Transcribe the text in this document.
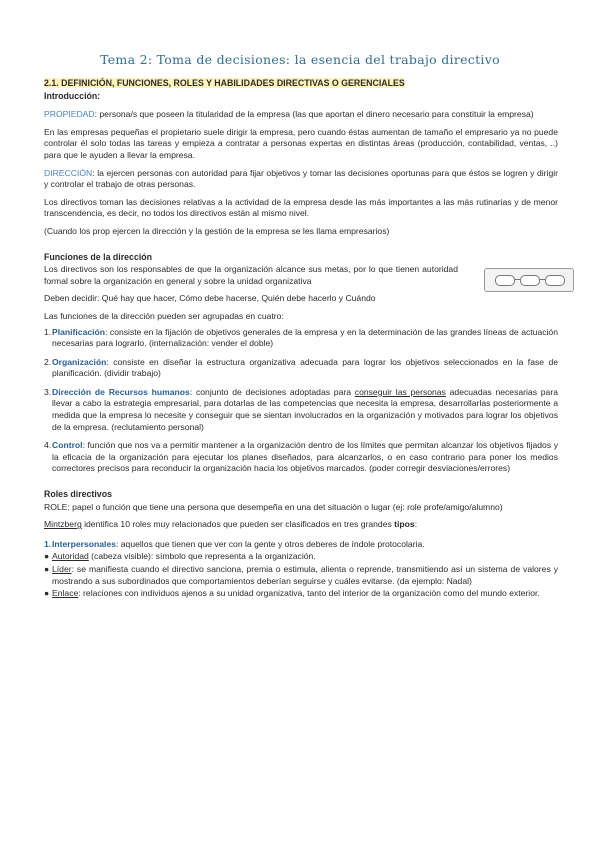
Tema 2: Toma de decisiones: la esencia del trabajo directivo
2.1. DEFINICIÓN, FUNCIONES, ROLES Y HABILIDADES DIRECTIVAS O GERENCIALES
Introducción:

PROPIEDAD: persona/s que poseen la titularidad de la empresa (las que aportan el dinero necesario para constituir la empresa)

En las empresas pequeñas el propietario suele dirigir la empresa, pero cuando éstas aumentan de tamaño el empresario ya no puede controlar él solo todas las tareas y empieza a contratar a personas expertas en distintas áreas (producción, contabilidad, ventas, ..) para que le ayuden a llevar la empresa.

DIRECCIÓN: la ejercen personas con autoridad para fijar objetivos y tomar las decisiones oportunas para que éstos se logren y dirigir y controlar el trabajo de otras personas.

Los directivos toman las decisiones relativas a la actividad de la empresa desde las más importantes a las más rutinarias y de menor transcendencia, es decir, no todos los directivos están al mismo nivel.

(Cuando los prop ejercen la dirección y la gestión de la empresa se les llama empresarios)

Funciones de la dirección

Los directivos son los responsables de que la organización alcance sus metas, por lo que tienen autoridad formal sobre la organización en general y sobre la unidad organizativa

Deben decidir: Qué hay que hacer, Cómo debe hacerse, Quién debe hacerlo y Cuándo

Las funciones de la dirección pueden ser agrupadas en cuatro:

1. Planificación: consiste en la fijación de objetivos generales de la empresa y en la determinación de las grandes líneas de actuación necesarias para lograrlo. (internalización: vender el doble)
2. Organización: consiste en diseñar la estructura organizativa adecuada para lograr los objetivos seleccionados en la fase de planificación. (dividir trabajo)
3. Dirección de Recursos humanos: conjunto de decisiones adoptadas para conseguir las personas adecuadas necesarias para llevar a cabo la estrategia empresarial, para dotarlas de las competencias que necesita la empresa, desarrollarlas posteriormente a medida que la empresa lo necesite y conseguir que se sientan involucrados en la organización y motivados para lograr los objetivos de la empresa. (reclutamiento personal)
4. Control: función que nos va a permitir mantener a la organización dentro de los límites que permitan alcanzar los objetivos fijados y la eficacia de la organización para ejecutar los planes diseñados, para alcanzarlos, o en caso contrario para poner los medios correctores precisos para reconducir la organización hacia los objetivos marcados. (poder corregir desviaciones/errores)
Roles directivos

ROLE: papel o función que tiene una persona que desempeña en una det situación o lugar (ej: role profe/amigo/alumno)

Mintzberg identifica 10 roles muy relacionados que pueden ser clasificados en tres grandes tipos:

1. Interpersonales: aquellos que tienen que ver con la gente y otros deberes de índole protocolaria.
● Autoridad (cabeza visible): símbolo que representa a la organización.
● Líder: se manifiesta cuando el directivo sanciona, premia o estimula, alienta o reprende, transmitiendo así un sistema de valores y mostrando a sus subordinados que comportamientos deberían seguirse y cuáles evitarse. (da ejemplo: Nadal)
● Enlace: relaciones con individuos ajenos a su unidad organizativa, tanto del interior de la organización como del mundo exterior.
